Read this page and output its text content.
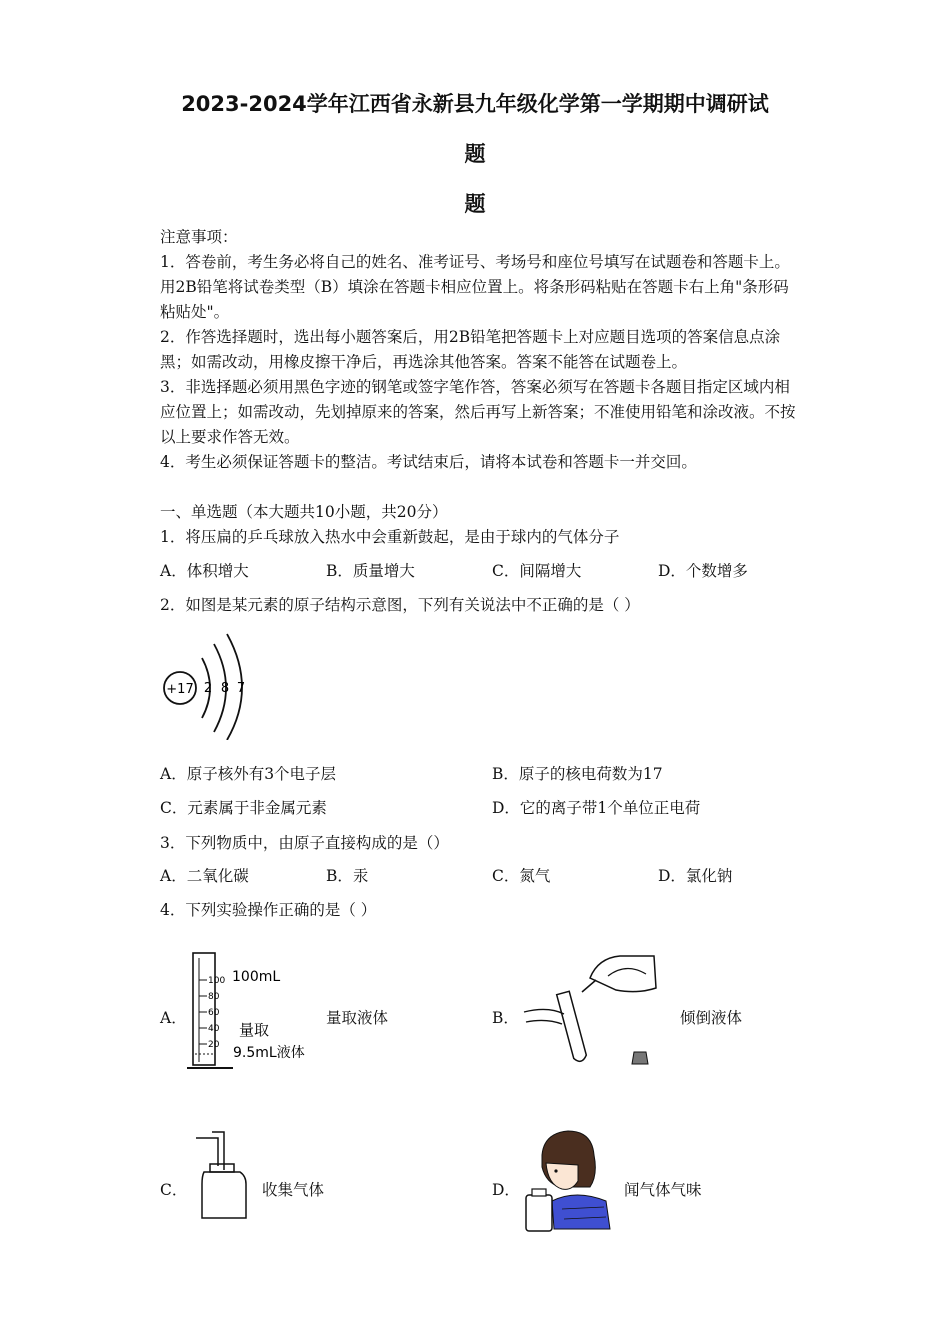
2023-2024学年江西省永新县九年级化学第一学期期中调研试
题
题

注意事项：

1．答卷前，考生务必将自己的姓名、准考证号、考场号和座位号填写在试题卷和答题卡上。用2B铅笔将试卷类型（B）填涂在答题卡相应位置上。将条形码粘贴在答题卡右上角"条形码粘贴处"。

2．作答选择题时，选出每小题答案后，用2B铅笔把答题卡上对应题目选项的答案信息点涂黑；如需改动，用橡皮擦干净后，再选涂其他答案。答案不能答在试题卷上。

3．非选择题必须用黑色字迹的钢笔或签字笔作答，答案必须写在答题卡各题目指定区域内相应位置上；如需改动，先划掉原来的答案，然后再写上新答案；不准使用铅笔和涂改液。不按以上要求作答无效。

4．考生必须保证答题卡的整洁。考试结束后，请将本试卷和答题卡一并交回。

一、单选题（本大题共10小题，共20分）
1．将压扁的乒乓球放入热水中会重新鼓起，是由于球内的气体分子
A．体积增大	B．质量增大	C．间隔增大	D．个数增多
2．如图是某元素的原子结构示意图，下列有关说法中不正确的是（ ）
+17 2 8 7
A．原子核外有3个电子层	B．原子的核电荷数为17
C．元素属于非金属元素	D．它的离子带1个单位正电荷
3．下列物质中，由原子直接构成的是（）
A．二氧化碳	B．汞	C．氮气	D．氯化钠
4．下列实验操作正确的是（ ）
A．
100
80
60
40
20
100mL
量取
9.5mL液体
量取液体	B．	倾倒液体
C．	收集气体	D．	闻气体气味
